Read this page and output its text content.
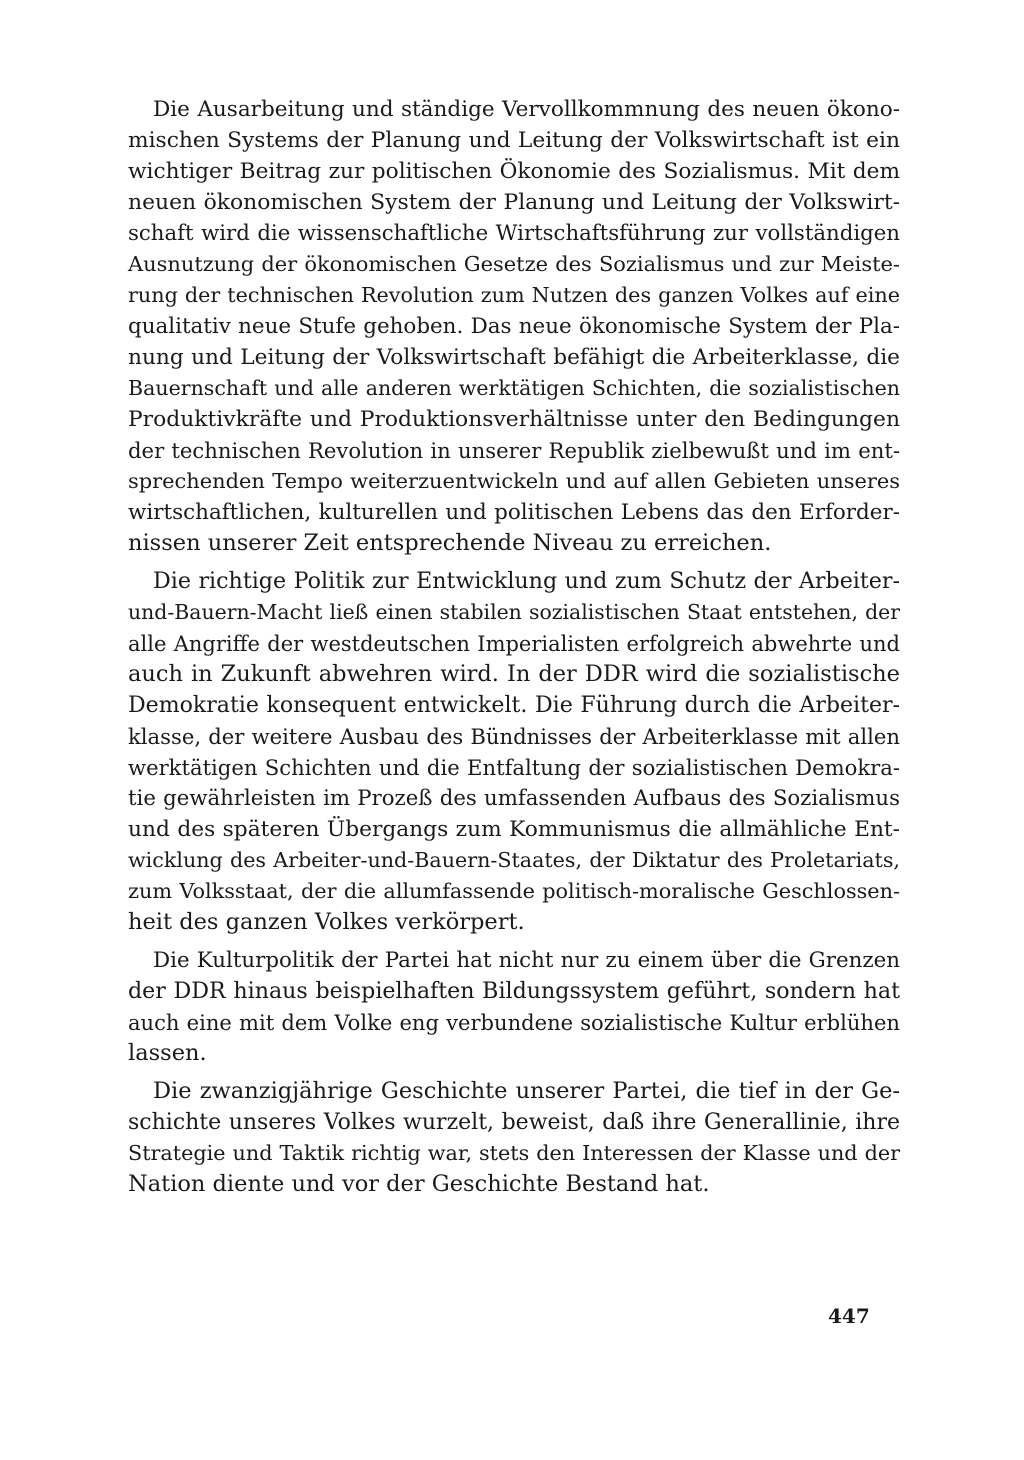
Die Ausarbeitung und ständige Vervollkommnung des neuen ökono-
mischen Systems der Planung und Leitung der Volkswirtschaft ist ein
wichtiger Beitrag zur politischen Ökonomie des Sozialismus. Mit dem
neuen ökonomischen System der Planung und Leitung der Volkswirt-
schaft wird die wissenschaftliche Wirtschaftsführung zur vollständigen
Ausnutzung der ökonomischen Gesetze des Sozialismus und zur Meiste-
rung der technischen Revolution zum Nutzen des ganzen Volkes auf eine
qualitativ neue Stufe gehoben. Das neue ökonomische System der Pla-
nung und Leitung der Volkswirtschaft befähigt die Arbeiterklasse, die
Bauernschaft und alle anderen werktätigen Schichten, die sozialistischen
Produktivkräfte und Produktionsverhältnisse unter den Bedingungen
der technischen Revolution in unserer Republik zielbewußt und im ent-
sprechenden Tempo weiterzuentwickeln und auf allen Gebieten unseres
wirtschaftlichen, kulturellen und politischen Lebens das den Erforder-
nissen unserer Zeit entsprechende Niveau zu erreichen.
Die richtige Politik zur Entwicklung und zum Schutz der Arbeiter-
und-Bauern-Macht ließ einen stabilen sozialistischen Staat entstehen, der
alle Angriffe der westdeutschen Imperialisten erfolgreich abwehrte und
auch in Zukunft abwehren wird. In der DDR wird die sozialistische
Demokratie konsequent entwickelt. Die Führung durch die Arbeiter-
klasse, der weitere Ausbau des Bündnisses der Arbeiterklasse mit allen
werktätigen Schichten und die Entfaltung der sozialistischen Demokra-
tie gewährleisten im Prozeß des umfassenden Aufbaus des Sozialismus
und des späteren Übergangs zum Kommunismus die allmähliche Ent-
wicklung des Arbeiter-und-Bauern-Staates, der Diktatur des Proletariats,
zum Volksstaat, der die allumfassende politisch-moralische Geschlossen-
heit des ganzen Volkes verkörpert.
Die Kulturpolitik der Partei hat nicht nur zu einem über die Grenzen
der DDR hinaus beispielhaften Bildungssystem geführt, sondern hat
auch eine mit dem Volke eng verbundene sozialistische Kultur erblühen
lassen.
Die zwanzigjährige Geschichte unserer Partei, die tief in der Ge-
schichte unseres Volkes wurzelt, beweist, daß ihre Generallinie, ihre
Strategie und Taktik richtig war, stets den Interessen der Klasse und der
Nation diente und vor der Geschichte Bestand hat.
447
